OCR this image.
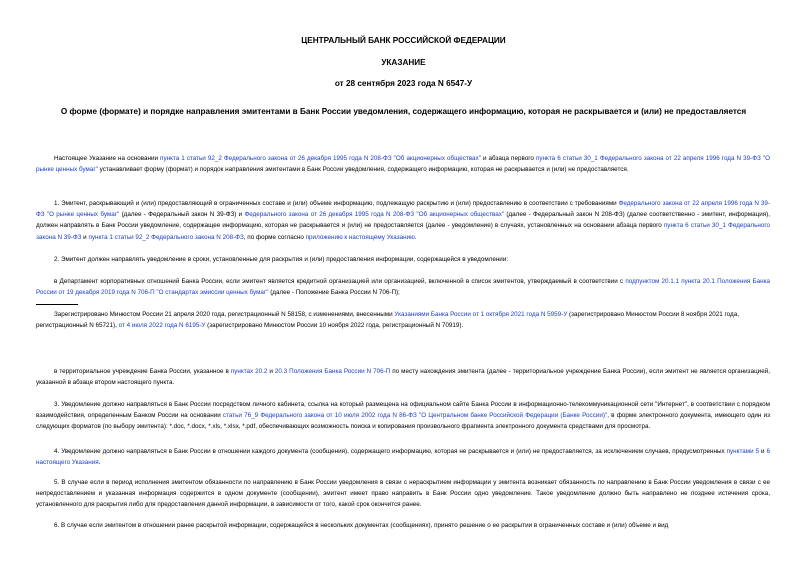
ЦЕНТРАЛЬНЫЙ БАНК РОССИЙСКОЙ ФЕДЕРАЦИИ
УКАЗАНИЕ
от 28 сентября 2023 года N 6547-У
О форме (формате) и порядке направления эмитентами в Банк России уведомления, содержащего информацию, которая не раскрывается и (или) не предоставляется
Настоящее Указание на основании пункта 1 статьи 92_2 Федерального закона от 26 декабря 1995 года N 208-ФЗ "Об акционерных обществах" и абзаца первого пункта 6 статьи 30_1 Федерального закона от 22 апреля 1996 года N 39-ФЗ "О рынке ценных бумаг" устанавливает форму (формат) и порядок направления эмитентами в Банк России уведомления, содержащего информацию, которая не раскрывается и (или) не предоставляется.
1. Эмитент, раскрывающий и (или) предоставляющий в ограниченных составе и (или) объеме информацию, подлежащую раскрытию и (или) предоставлению в соответствии с требованиями Федерального закона от 22 апреля 1996 года N 39-ФЗ "О рынке ценных бумаг" (далее - Федеральный закон N 39-ФЗ) и Федерального закона от 26 декабря 1995 года N 208-ФЗ "Об акционерных обществах" (далее - Федеральный закон N 208-ФЗ) (далее соответственно - эмитент, информация), должен направлять в Банк России уведомление, содержащее информацию, которая не раскрывается и (или) не предоставляется (далее - уведомление) в случаях, установленных на основании абзаца первого пункта 6 статьи 30_1 Федерального закона N 39-ФЗ и пункта 1 статьи 92_2 Федерального закона N 208-ФЗ, по форме согласно приложению к настоящему Указанию.
2. Эмитент должен направлять уведомление в сроки, установленные для раскрытия и (или) предоставления информации, содержащейся в уведомлении:
в Департамент корпоративных отношений Банка России, если эмитент является кредитной организацией или организацией, включенной в список эмитентов, утверждаемый в соответствии с подпунктом 20.1.1 пункта 20.1 Положения Банка России от 19 декабря 2019 года N 706-П "О стандартах эмиссии ценных бумаг" (далее - Положение Банка России N 706-П);
Зарегистрировано Минюстом России 21 апреля 2020 года, регистрационный N 58158, с изменениями, внесенными Указаниями Банка России от 1 октября 2021 года N 5959-У (зарегистрировано Минюстом России 8 ноября 2021 года, регистрационный N 65721), от 4 июля 2022 года N 6195-У (зарегистрировано Минюстом России 10 ноября 2022 года, регистрационный N 70919).
в территориальное учреждение Банка России, указанное в пунктах 20.2 и 20.3 Положения Банка России N 706-П по месту нахождения эмитента (далее - территориальное учреждение Банка России), если эмитент не является организацией, указанной в абзаце втором настоящего пункта.
3. Уведомление должно направляться в Банк России посредством личного кабинета, ссылка на который размещена на официальном сайте Банка России в информационно-телекоммуникационной сети "Интернет", в соответствии с порядком взаимодействия, определенным Банком России на основании статьи 76_9 Федерального закона от 10 июля 2002 года N 86-ФЗ "О Центральном банке Российской Федерации (Банке России)", в форме электронного документа, имеющего один из следующих форматов (по выбору эмитента): *.doc, *.docx, *.xls, *.xlsx, *.pdf, обеспечивающих возможность поиска и копирования произвольного фрагмента электронного документа средствами для просмотра.
4. Уведомление должно направляться в Банк России в отношении каждого документа (сообщения), содержащего информацию, которая не раскрывается и (или) не предоставляется, за исключением случаев, предусмотренных пунктами 5 и 6 настоящего Указания.
5. В случае если в период исполнения эмитентом обязанности по направлению в Банк России уведомления в связи с нераскрытием информации у эмитента возникает обязанность по направлению в Банк России уведомления в связи с ее непредоставлением и указанная информация содержится в одном документе (сообщении), эмитент имеет право направить в Банк России одно уведомление. Такое уведомление должно быть направлено не позднее истечения срока, установленного для раскрытия либо для предоставления данной информации, в зависимости от того, какой срок окончится ранее.
6. В случае если эмитентом в отношении ранее раскрытой информации, содержащейся в нескольких документах (сообщениях), принято решение о ее раскрытии в ограниченных составе и (или) объеме и вид
